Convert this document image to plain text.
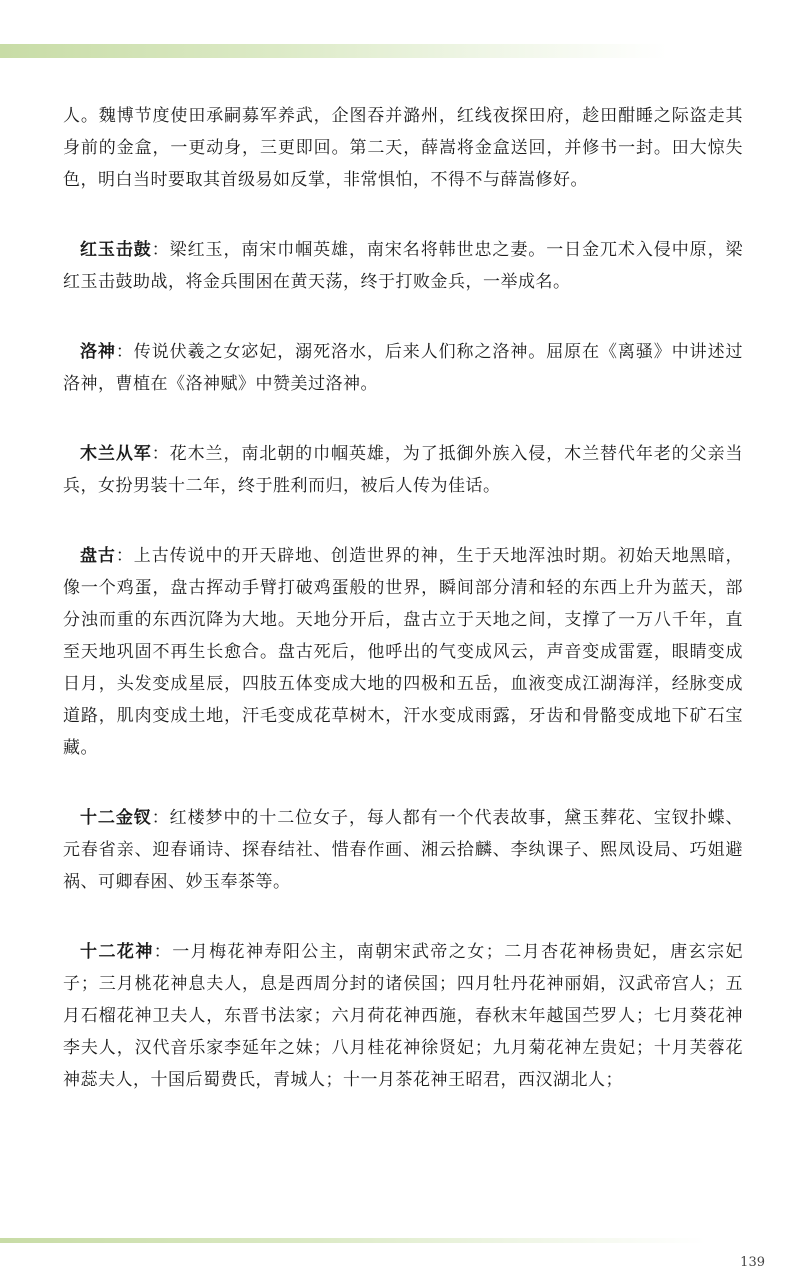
人。魏博节度使田承嗣募军养武，企图吞并潞州，红线夜探田府，趁田酣睡之际盗走其身前的金盒，一更动身，三更即回。第二天，薛嵩将金盒送回，并修书一封。田大惊失色，明白当时要取其首级易如反掌，非常惧怕，不得不与薛嵩修好。

红玉击鼓：梁红玉，南宋巾帼英雄，南宋名将韩世忠之妻。一日金兀术入侵中原，梁红玉击鼓助战，将金兵围困在黄天荡，终于打败金兵，一举成名。

洛神：传说伏羲之女宓妃，溺死洛水，后来人们称之洛神。屈原在《离骚》中讲述过洛神，曹植在《洛神赋》中赞美过洛神。

木兰从军：花木兰，南北朝的巾帼英雄，为了抵御外族入侵，木兰替代年老的父亲当兵，女扮男装十二年，终于胜利而归，被后人传为佳话。

盘古：上古传说中的开天辟地、创造世界的神，生于天地浑浊时期。初始天地黑暗，像一个鸡蛋，盘古挥动手臂打破鸡蛋般的世界，瞬间部分清和轻的东西上升为蓝天，部分浊而重的东西沉降为大地。天地分开后，盘古立于天地之间，支撑了一万八千年，直至天地巩固不再生长愈合。盘古死后，他呼出的气变成风云，声音变成雷霆，眼睛变成日月，头发变成星辰，四肢五体变成大地的四极和五岳，血液变成江湖海洋，经脉变成道路，肌肉变成土地，汗毛变成花草树木，汗水变成雨露，牙齿和骨骼变成地下矿石宝藏。

十二金钗：红楼梦中的十二位女子，每人都有一个代表故事，黛玉葬花、宝钗扑蝶、元春省亲、迎春诵诗、探春结社、惜春作画、湘云拾麟、李纨课子、熙凤设局、巧姐避祸、可卿春困、妙玉奉茶等。

十二花神：一月梅花神寿阳公主，南朝宋武帝之女；二月杏花神杨贵妃，唐玄宗妃子；三月桃花神息夫人，息是西周分封的诸侯国；四月牡丹花神丽娟，汉武帝宫人；五月石榴花神卫夫人，东晋书法家；六月荷花神西施，春秋末年越国苎罗人；七月葵花神李夫人，汉代音乐家李延年之妹；八月桂花神徐贤妃；九月菊花神左贵妃；十月芙蓉花神蕊夫人，十国后蜀费氏，青城人；十一月茶花神王昭君，西汉湖北人；

139
